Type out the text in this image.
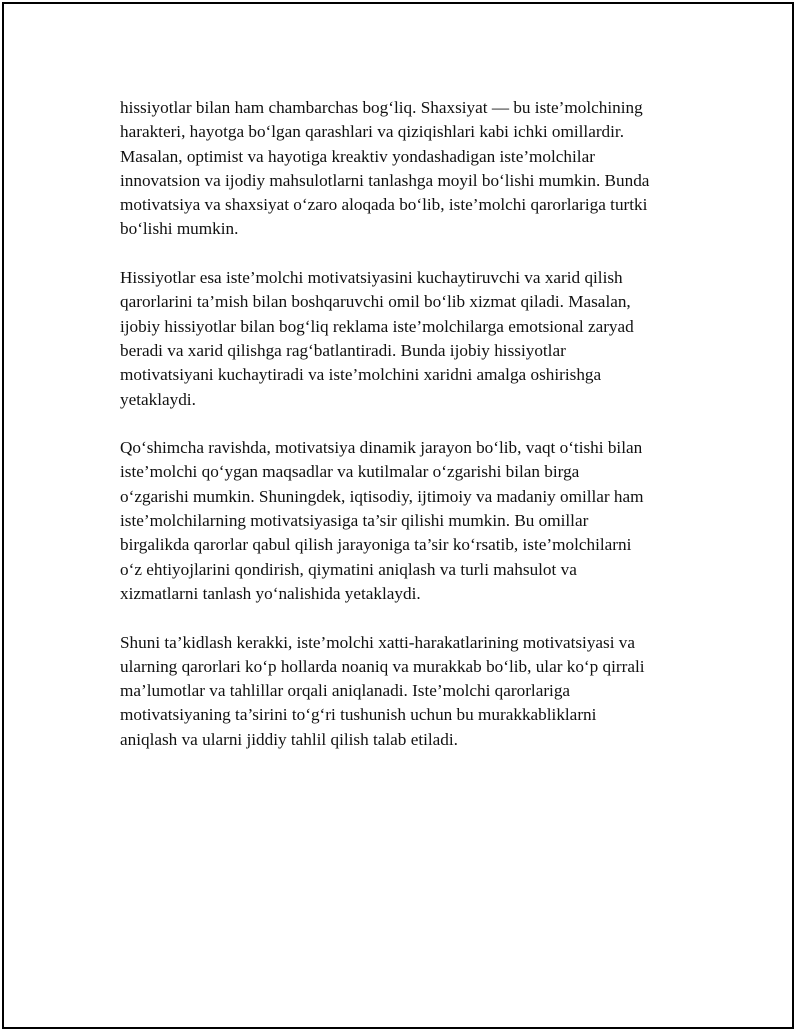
hissiyotlar bilan ham chambarchas bog‘liq. Shaxsiyat — bu iste’molchining
harakteri, hayotga bo‘lgan qarashlari va qiziqishlari kabi ichki omillardir.
Masalan, optimist va hayotiga kreaktiv yondashadigan iste’molchilar
innovatsion va ijodiy mahsulotlarni tanlashga moyil bo‘lishi mumkin. Bunda
motivatsiya va shaxsiyat o‘zaro aloqada bo‘lib, iste’molchi qarorlariga turtki
bo‘lishi mumkin.

Hissiyotlar esa iste’molchi motivatsiyasini kuchaytiruvchi va xarid qilish
qarorlarini ta’mish bilan boshqaruvchi omil bo‘lib xizmat qiladi. Masalan,
ijobiy hissiyotlar bilan bog‘liq reklama iste’molchilarga emotsional zaryad
beradi va xarid qilishga rag‘batlantiradi. Bunda ijobiy hissiyotlar
motivatsiyani kuchaytiradi va iste’molchini xaridni amalga oshirishga
yetaklaydi.

Qo‘shimcha ravishda, motivatsiya dinamik jarayon bo‘lib, vaqt o‘tishi bilan
iste’molchi qo‘ygan maqsadlar va kutilmalar o‘zgarishi bilan birga
o‘zgarishi mumkin. Shuningdek, iqtisodiy, ijtimoiy va madaniy omillar ham
iste’molchilarning motivatsiyasiga ta’sir qilishi mumkin. Bu omillar
birgalikda qarorlar qabul qilish jarayoniga ta’sir ko‘rsatib, iste’molchilarni
o‘z ehtiyojlarini qondirish, qiymatini aniqlash va turli mahsulot va
xizmatlarni tanlash yo‘nalishida yetaklaydi.

Shuni ta’kidlash kerakki, iste’molchi xatti-harakatlarining motivatsiyasi va
ularning qarorlari ko‘p hollarda noaniq va murakkab bo‘lib, ular ko‘p qirrali
ma’lumotlar va tahlillar orqali aniqlanadi. Iste’molchi qarorlariga
motivatsiyaning ta’sirini to‘g‘ri tushunish uchun bu murakkabliklarni
aniqlash va ularni jiddiy tahlil qilish talab etiladi.
